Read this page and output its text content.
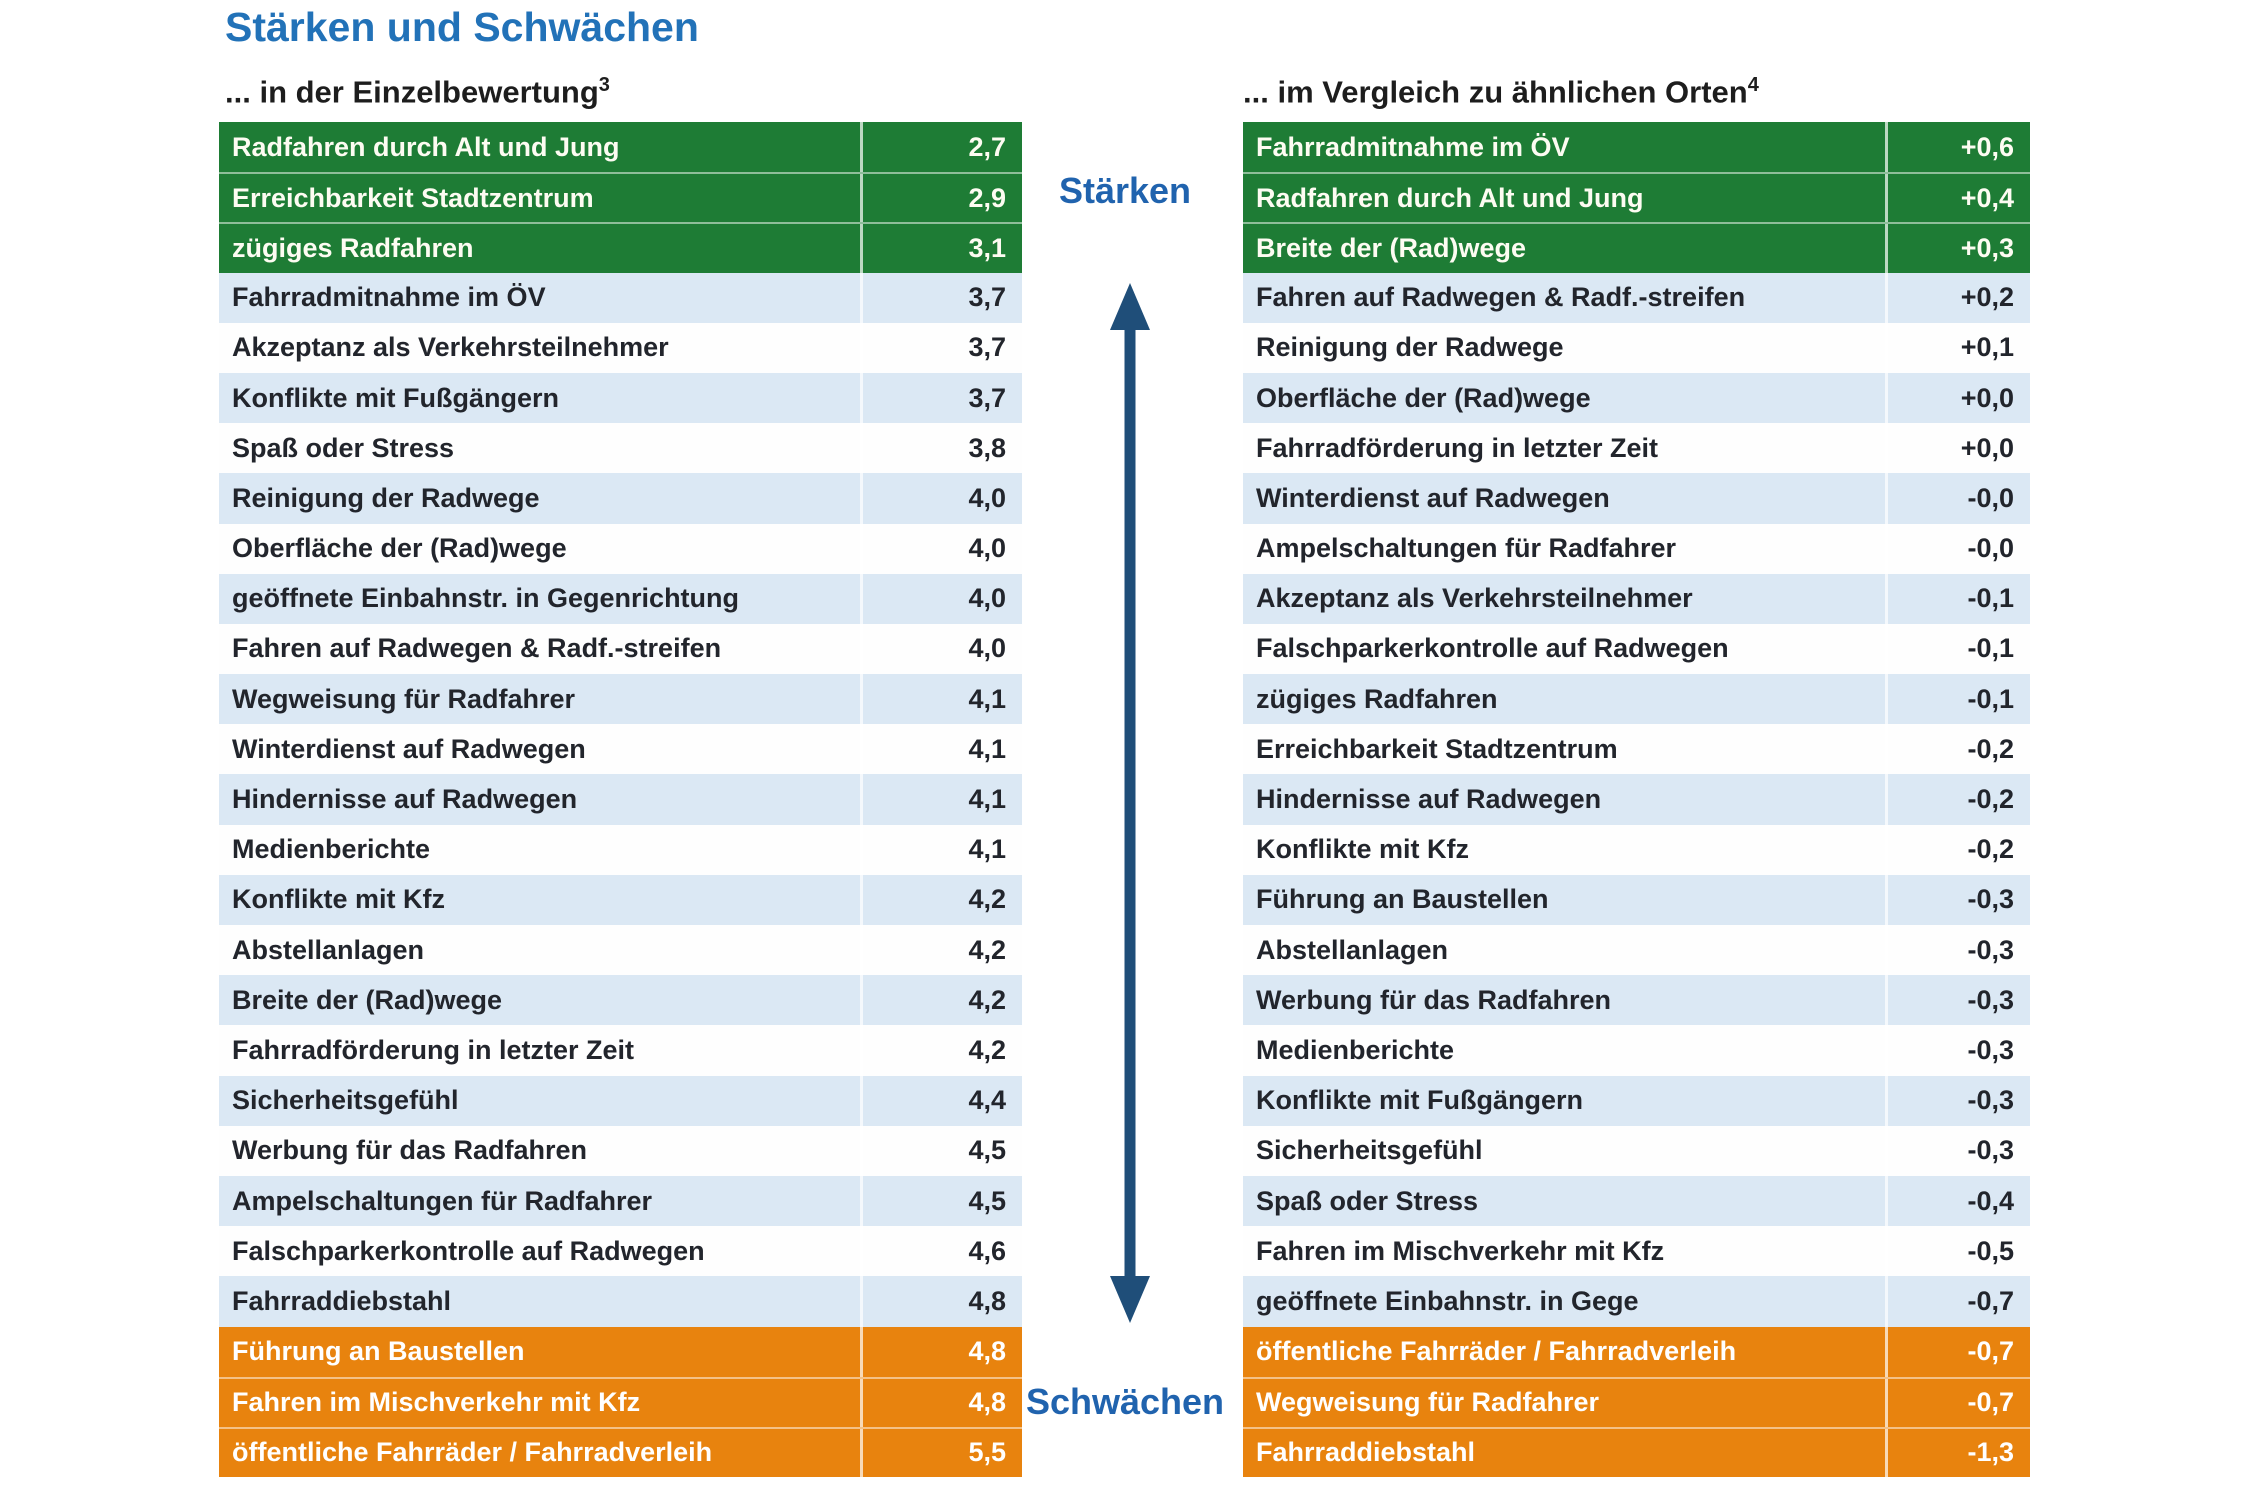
Stärken und Schwächen
... in der Einzelbewertung$^3$	... im Vergleich zu ähnlichen Orten$^4$
Radfahren durch Alt und Jung	2,7
Erreichbarkeit Stadtzentrum	2,9
zügiges Radfahren	3,1
Fahrradmitnahme im ÖV	3,7
Akzeptanz als Verkehrsteilnehmer	3,7
Konflikte mit Fußgängern	3,7
Spaß oder Stress	3,8
Reinigung der Radwege	4,0
Oberfläche der (Rad)wege	4,0
geöffnete Einbahnstr. in Gegenrichtung	4,0
Fahren auf Radwegen & Radf.-streifen	4,0
Wegweisung für Radfahrer	4,1
Winterdienst auf Radwegen	4,1
Hindernisse auf Radwegen	4,1
Medienberichte	4,1
Konflikte mit Kfz	4,2
Abstellanlagen	4,2
Breite der (Rad)wege	4,2
Fahrradförderung in letzter Zeit	4,2
Sicherheitsgefühl	4,4
Werbung für das Radfahren	4,5
Ampelschaltungen für Radfahrer	4,5
Falschparkerkontrolle auf Radwegen	4,6
Fahrraddiebstahl	4,8
Führung an Baustellen	4,8
Fahren im Mischverkehr mit Kfz	4,8
öffentliche Fahrräder / Fahrradverleih	5,5
Fahrradmitnahme im ÖV	+0,6
Radfahren durch Alt und Jung	+0,4
Breite der (Rad)wege	+0,3
Fahren auf Radwegen & Radf.-streifen	+0,2
Reinigung der Radwege	+0,1
Oberfläche der (Rad)wege	+0,0
Fahrradförderung in letzter Zeit	+0,0
Winterdienst auf Radwegen	-0,0
Ampelschaltungen für Radfahrer	-0,0
Akzeptanz als Verkehrsteilnehmer	-0,1
Falschparkerkontrolle auf Radwegen	-0,1
zügiges Radfahren	-0,1
Erreichbarkeit Stadtzentrum	-0,2
Hindernisse auf Radwegen	-0,2
Konflikte mit Kfz	-0,2
Führung an Baustellen	-0,3
Abstellanlagen	-0,3
Werbung für das Radfahren	-0,3
Medienberichte	-0,3
Konflikte mit Fußgängern	-0,3
Sicherheitsgefühl	-0,3
Spaß oder Stress	-0,4
Fahren im Mischverkehr mit Kfz	-0,5
geöffnete Einbahnstr. in Gege	-0,7
öffentliche Fahrräder / Fahrradverleih	-0,7
Wegweisung für Radfahrer	-0,7
Fahrraddiebstahl	-1,3
Stärken
Schwächen
